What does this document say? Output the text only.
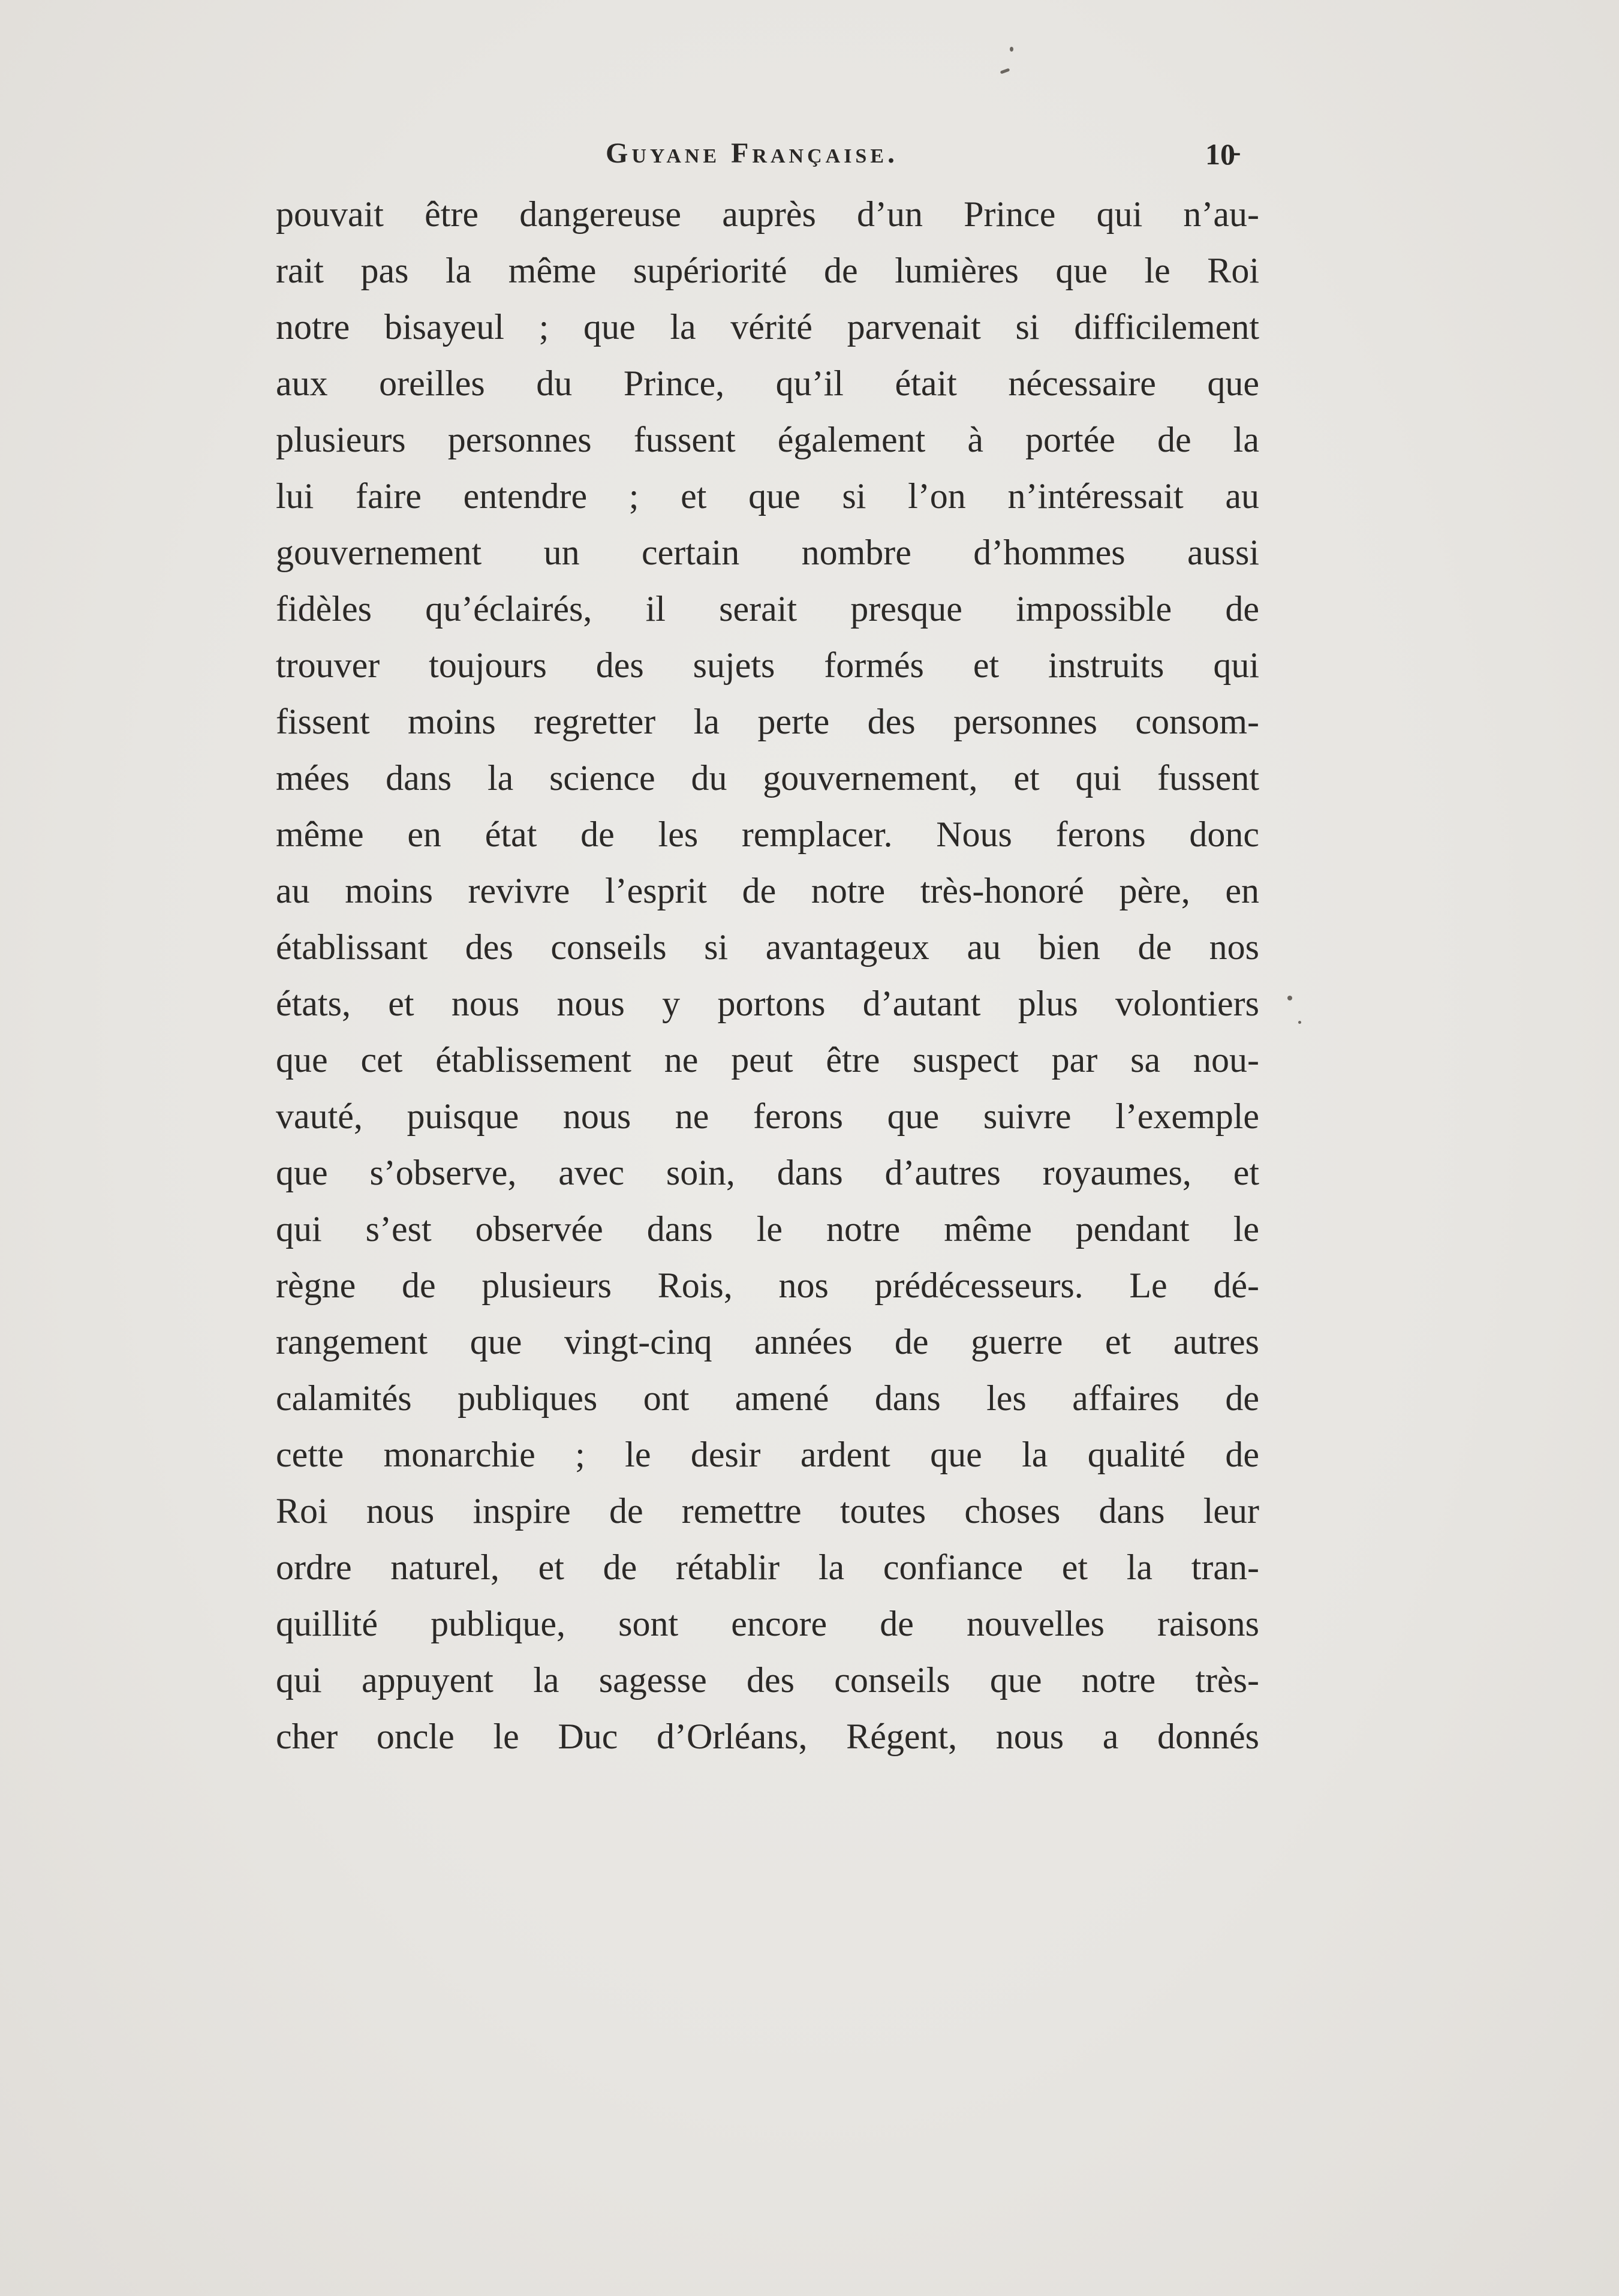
Guyane Française.	10̵̵
pouvait être dangereuse auprès d’un Prince qui n’au-
rait pas la même supériorité de lumières que le Roi
notre bisayeul ; que la vérité parvenait si difficilement
aux oreilles du Prince, qu’il était nécessaire que
plusieurs personnes fussent également à portée de la
lui faire entendre ; et que si l’on n’intéressait au
gouvernement un certain nombre d’hommes aussi
fidèles qu’éclairés, il serait presque impossible de
trouver toujours des sujets formés et instruits qui
fissent moins regretter la perte des personnes consom-
mées dans la science du gouvernement, et qui fussent
même en état de les remplacer. Nous ferons donc
au moins revivre l’esprit de notre très-honoré père, en
établissant des conseils si avantageux au bien de nos
états, et nous nous y portons d’autant plus volontiers
que cet établissement ne peut être suspect par sa nou-
vauté, puisque nous ne ferons que suivre l’exemple
que s’observe, avec soin, dans d’autres royaumes, et
qui s’est observée dans le notre même pendant le
règne de plusieurs Rois, nos prédécesseurs. Le dé-
rangement que vingt-cinq années de guerre et autres
calamités publiques ont amené dans les affaires de
cette monarchie ; le desir ardent que la qualité de
Roi nous inspire de remettre toutes choses dans leur
ordre naturel, et de rétablir la confiance et la tran-
quillité publique, sont encore de nouvelles raisons
qui appuyent la sagesse des conseils que notre très-
cher oncle le Duc d’Orléans, Régent, nous a donnés
